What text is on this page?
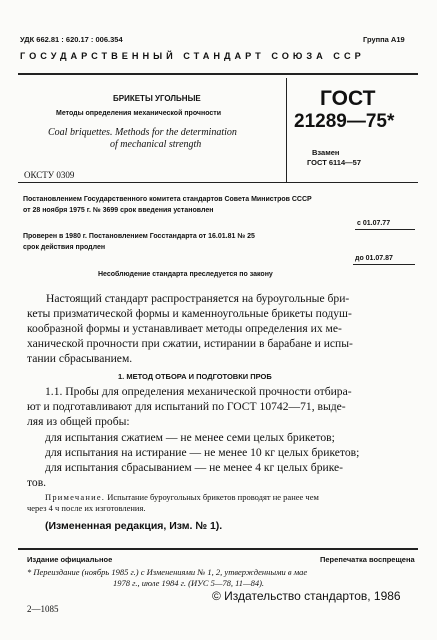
УДК 662.81 : 620.17 : 006.354	Группа А19
ГОСУДАРСТВЕННЫЙ СТАНДАРТ СОЮЗА ССР
БРИКЕТЫ УГОЛЬНЫЕ
Методы определения механической прочности
Coal briquettes. Methods for the determination
of mechanical strength
ГОСТ
21289—75*
Взамен
ГОСТ 6114—57
ОКСТУ 0309
Постановлением Государственного комитета стандартов Совета Министров СССР
от 28 ноября 1975 г. № 3699 срок введения установлен
с 01.07.77
Проверен в 1980 г. Постановлением Госстандарта от 16.01.81 № 25
срок действия продлен
до 01.07.87
Несоблюдение стандарта преследуется по закону
Настоящий стандарт распространяется на буроугольные бри-
кеты призматической формы и каменноугольные брикеты подуш-
кообразной формы и устанавливает методы определения их ме-
ханической прочности при сжатии, истирании в барабане и испы-
тании сбрасыванием.
1. МЕТОД ОТБОРА И ПОДГОТОВКИ ПРОБ
1.1. Пробы для определения механической прочности отбира-
ют и подготавливают для испытаний по ГОСТ 10742—71, выде-
ляя из общей пробы:
для испытания сжатием — не менее семи целых брикетов;
для испытания на истирание — не менее 10 кг целых брикетов;
для испытания сбрасыванием — не менее 4 кг целых брике-
тов.
Примечание. Испытание буроугольных брикетов проводят не ранее чем
через 4 ч после их изготовления.
(Измененная редакция, Изм. № 1).
Издание официальное	Перепечатка воспрещена
* Переиздание (ноябрь 1985 г.) с Изменениями № 1, 2, утвержденными в мае
1978 г., июле 1984 г. (ИУС 5—78, 11—84).
2—1085
© Издательство стандартов, 1986
